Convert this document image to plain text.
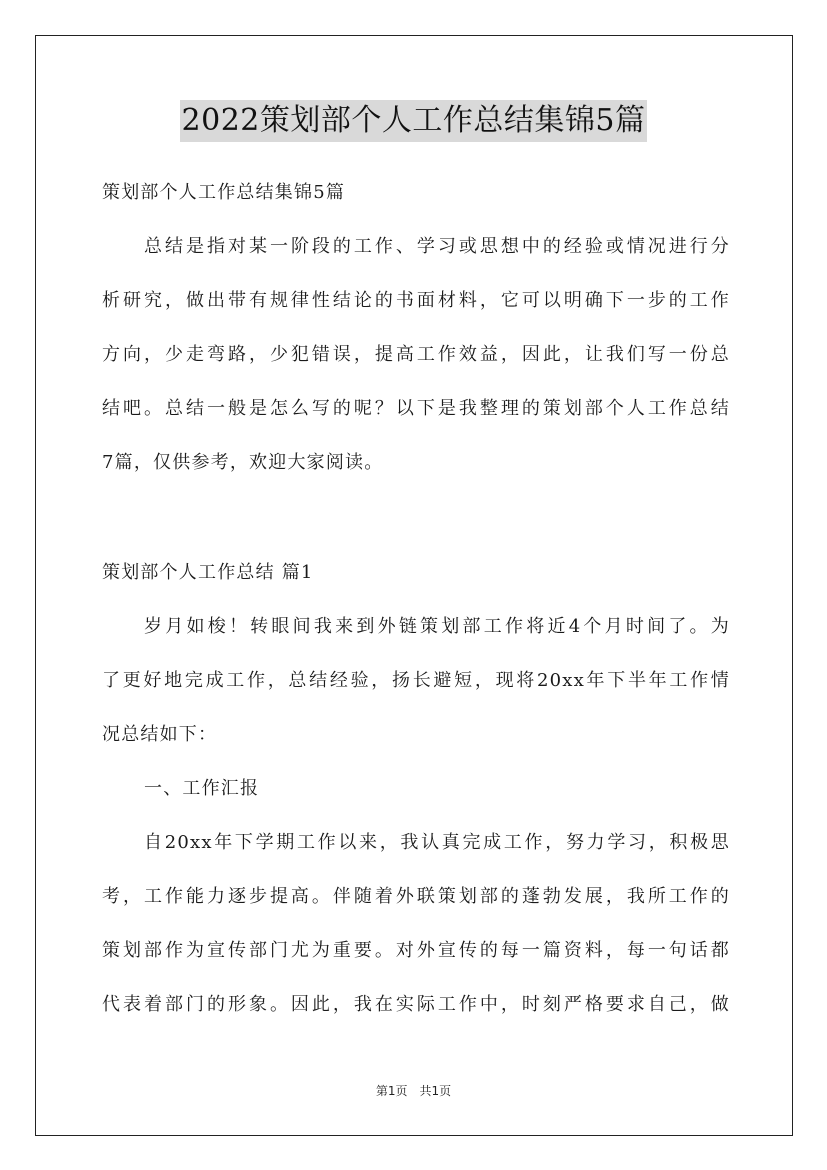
2022策划部个人工作总结集锦5篇
策划部个人工作总结集锦5篇
总结是指对某一阶段的工作、学习或思想中的经验或情况进行分
析研究，做出带有规律性结论的书面材料，它可以明确下一步的工作
方向，少走弯路，少犯错误，提高工作效益，因此，让我们写一份总
结吧。总结一般是怎么写的呢？以下是我整理的策划部个人工作总结
7篇，仅供参考，欢迎大家阅读。
策划部个人工作总结 篇1
岁月如梭！转眼间我来到外链策划部工作将近4个月时间了。为
了更好地完成工作，总结经验，扬长避短，现将20xx年下半年工作情
况总结如下：
一、工作汇报
自20xx年下学期工作以来，我认真完成工作，努力学习，积极思
考，工作能力逐步提高。伴随着外联策划部的蓬勃发展，我所工作的
策划部作为宣传部门尤为重要。对外宣传的每一篇资料，每一句话都
代表着部门的形象。因此，我在实际工作中，时刻严格要求自己，做
第1页 共1页
